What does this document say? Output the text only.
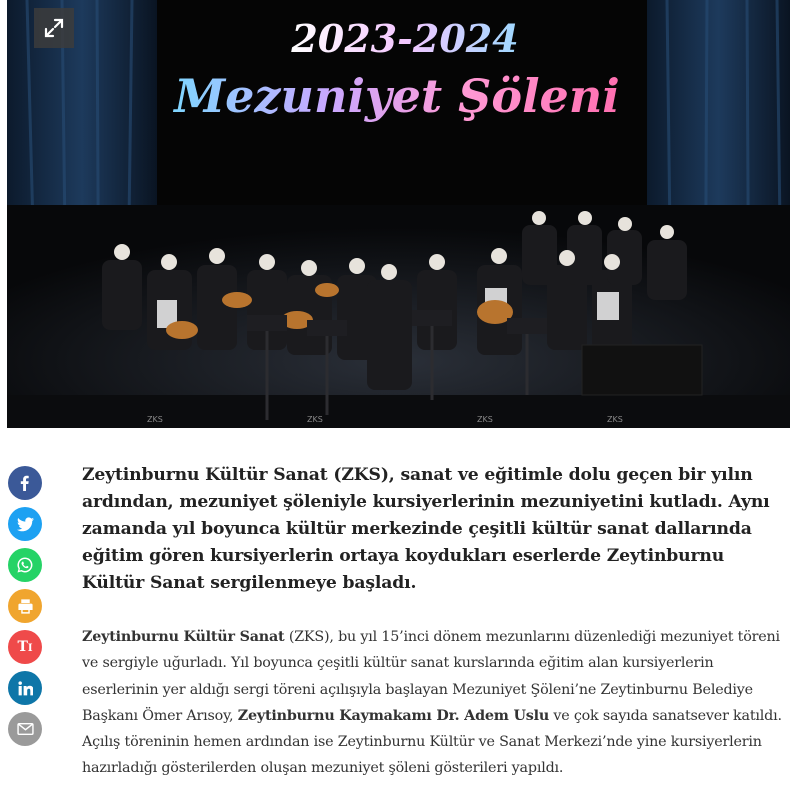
2023-2024
Mezuniyet Şöleni
ZKS	ZKS	ZKS	ZKS
TI

Zeytinburnu Kültür Sanat (ZKS), sanat ve eğitimle dolu geçen bir yılın ardından, mezuniyet şöleniyle kursiyerlerinin mezuniyetini kutladı. Aynı zamanda yıl boyunca kültür merkezinde çeşitli kültür sanat dallarında eğitim gören kursiyerlerin ortaya koydukları eserlerde Zeytinburnu Kültür Sanat sergilenmeye başladı.

Zeytinburnu Kültür Sanat (ZKS), bu yıl 15’inci dönem mezunlarını düzenlediği mezuniyet töreni ve sergiyle uğurladı. Yıl boyunca çeşitli kültür sanat kurslarında eğitim alan kursiyerlerin eserlerinin yer aldığı sergi töreni açılışıyla başlayan Mezuniyet Şöleni’ne Zeytinburnu Belediye Başkanı Ömer Arısoy, Zeytinburnu Kaymakamı Dr. Adem Uslu ve çok sayıda sanatsever katıldı. Açılış töreninin hemen ardından ise Zeytinburnu Kültür ve Sanat Merkezi’nde yine kursiyerlerin hazırladığı gösterilerden oluşan mezuniyet şöleni gösterileri yapıldı.
